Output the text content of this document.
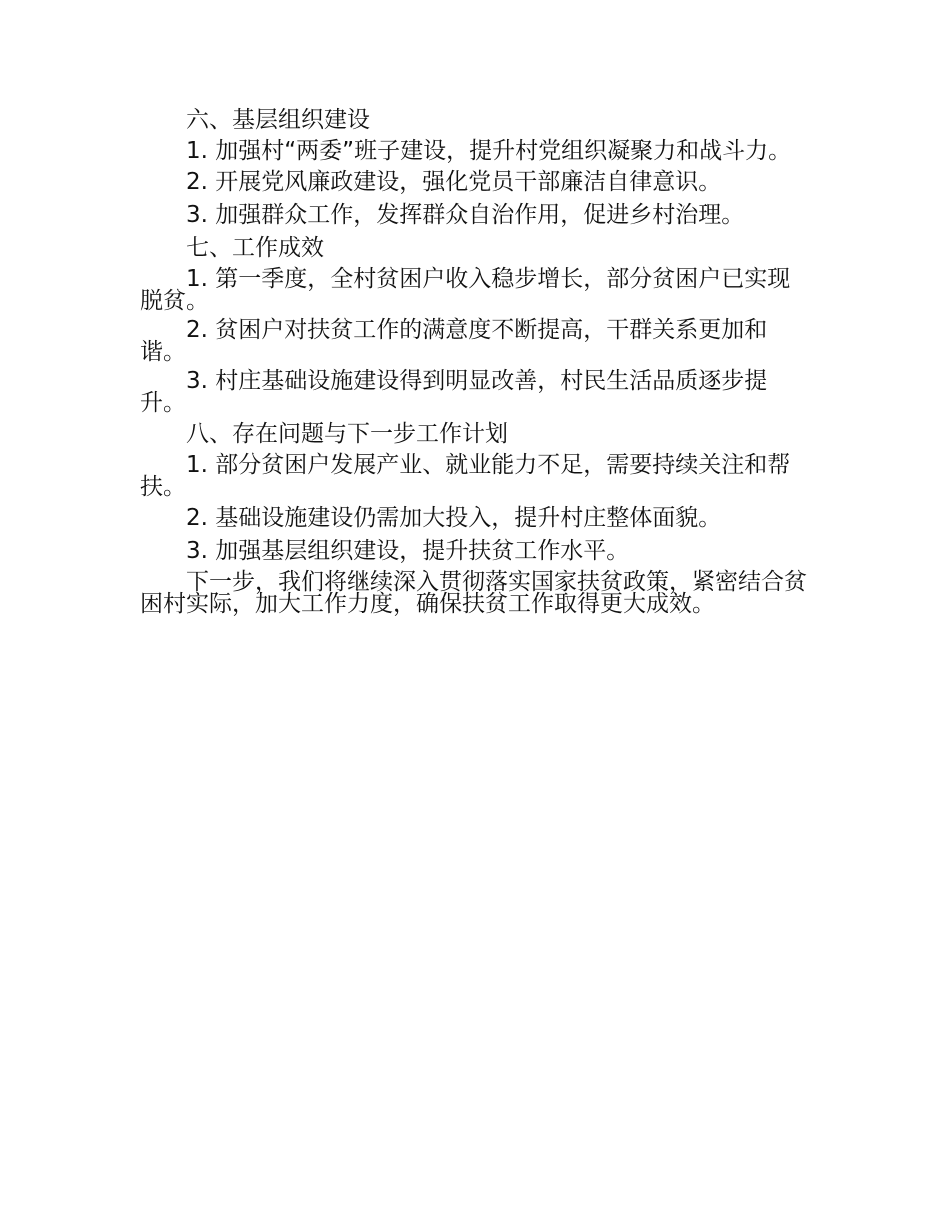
六、基层组织建设

1. 加强村“两委”班子建设，提升村党组织凝聚力和战斗力。

2. 开展党风廉政建设，强化党员干部廉洁自律意识。

3. 加强群众工作，发挥群众自治作用，促进乡村治理。

七、工作成效

1. 第一季度，全村贫困户收入稳步增长，部分贫困户已实现脱贫。

2. 贫困户对扶贫工作的满意度不断提高，干群关系更加和谐。

3. 村庄基础设施建设得到明显改善，村民生活品质逐步提升。

八、存在问题与下一步工作计划

1. 部分贫困户发展产业、就业能力不足，需要持续关注和帮扶。

2. 基础设施建设仍需加大投入，提升村庄整体面貌。

3. 加强基层组织建设，提升扶贫工作水平。

下一步，我们将继续深入贯彻落实国家扶贫政策，紧密结合贫困村实际，加大工作力度，确保扶贫工作取得更大成效。
